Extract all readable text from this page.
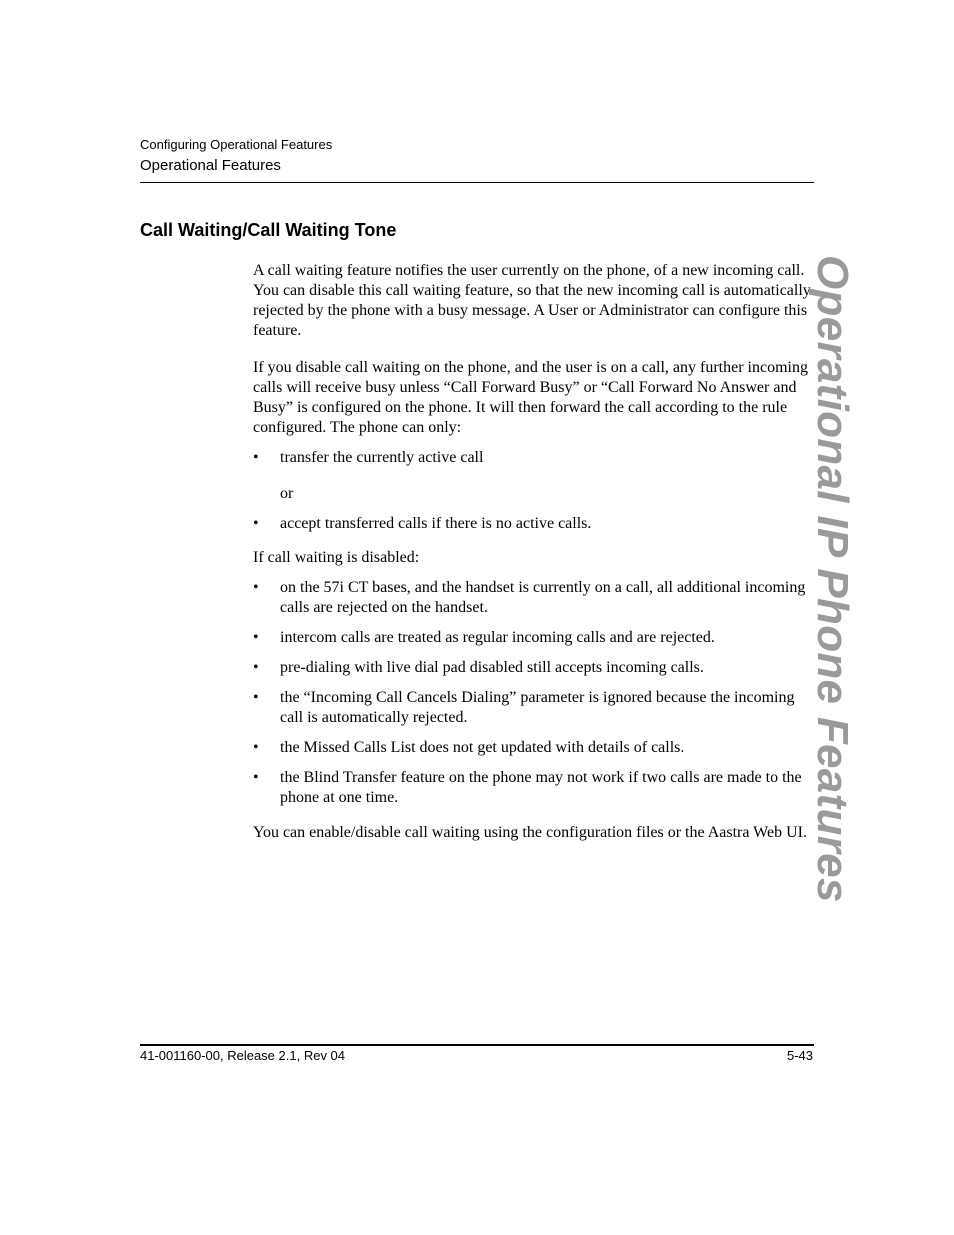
Configuring Operational Features
Operational Features
Call Waiting/Call Waiting Tone

A call waiting feature notifies the user currently on the phone, of a new incoming call. You can disable this call waiting feature, so that the new incoming call is automatically rejected by the phone with a busy message. A User or Administrator can configure this feature.

If you disable call waiting on the phone, and the user is on a call, any further incoming calls will receive busy unless “Call Forward Busy” or “Call Forward No Answer and Busy” is configured on the phone. It will then forward the call according to the rule configured. The phone can only:

• transfer the currently active call

or

• accept transferred calls if there is no active calls.

If call waiting is disabled:

• on the 57i CT bases, and the handset is currently on a call, all additional incoming calls are rejected on the handset.
• intercom calls are treated as regular incoming calls and are rejected.
• pre-dialing with live dial pad disabled still accepts incoming calls.
• the “Incoming Call Cancels Dialing” parameter is ignored because the incoming call is automatically rejected.
• the Missed Calls List does not get updated with details of calls.
• the Blind Transfer feature on the phone may not work if two calls are made to the phone at one time.

You can enable/disable call waiting using the configuration files or the Aastra Web UI. Operational IP Phone Features
41-001160-00, Release 2.1, Rev 04	5-43
